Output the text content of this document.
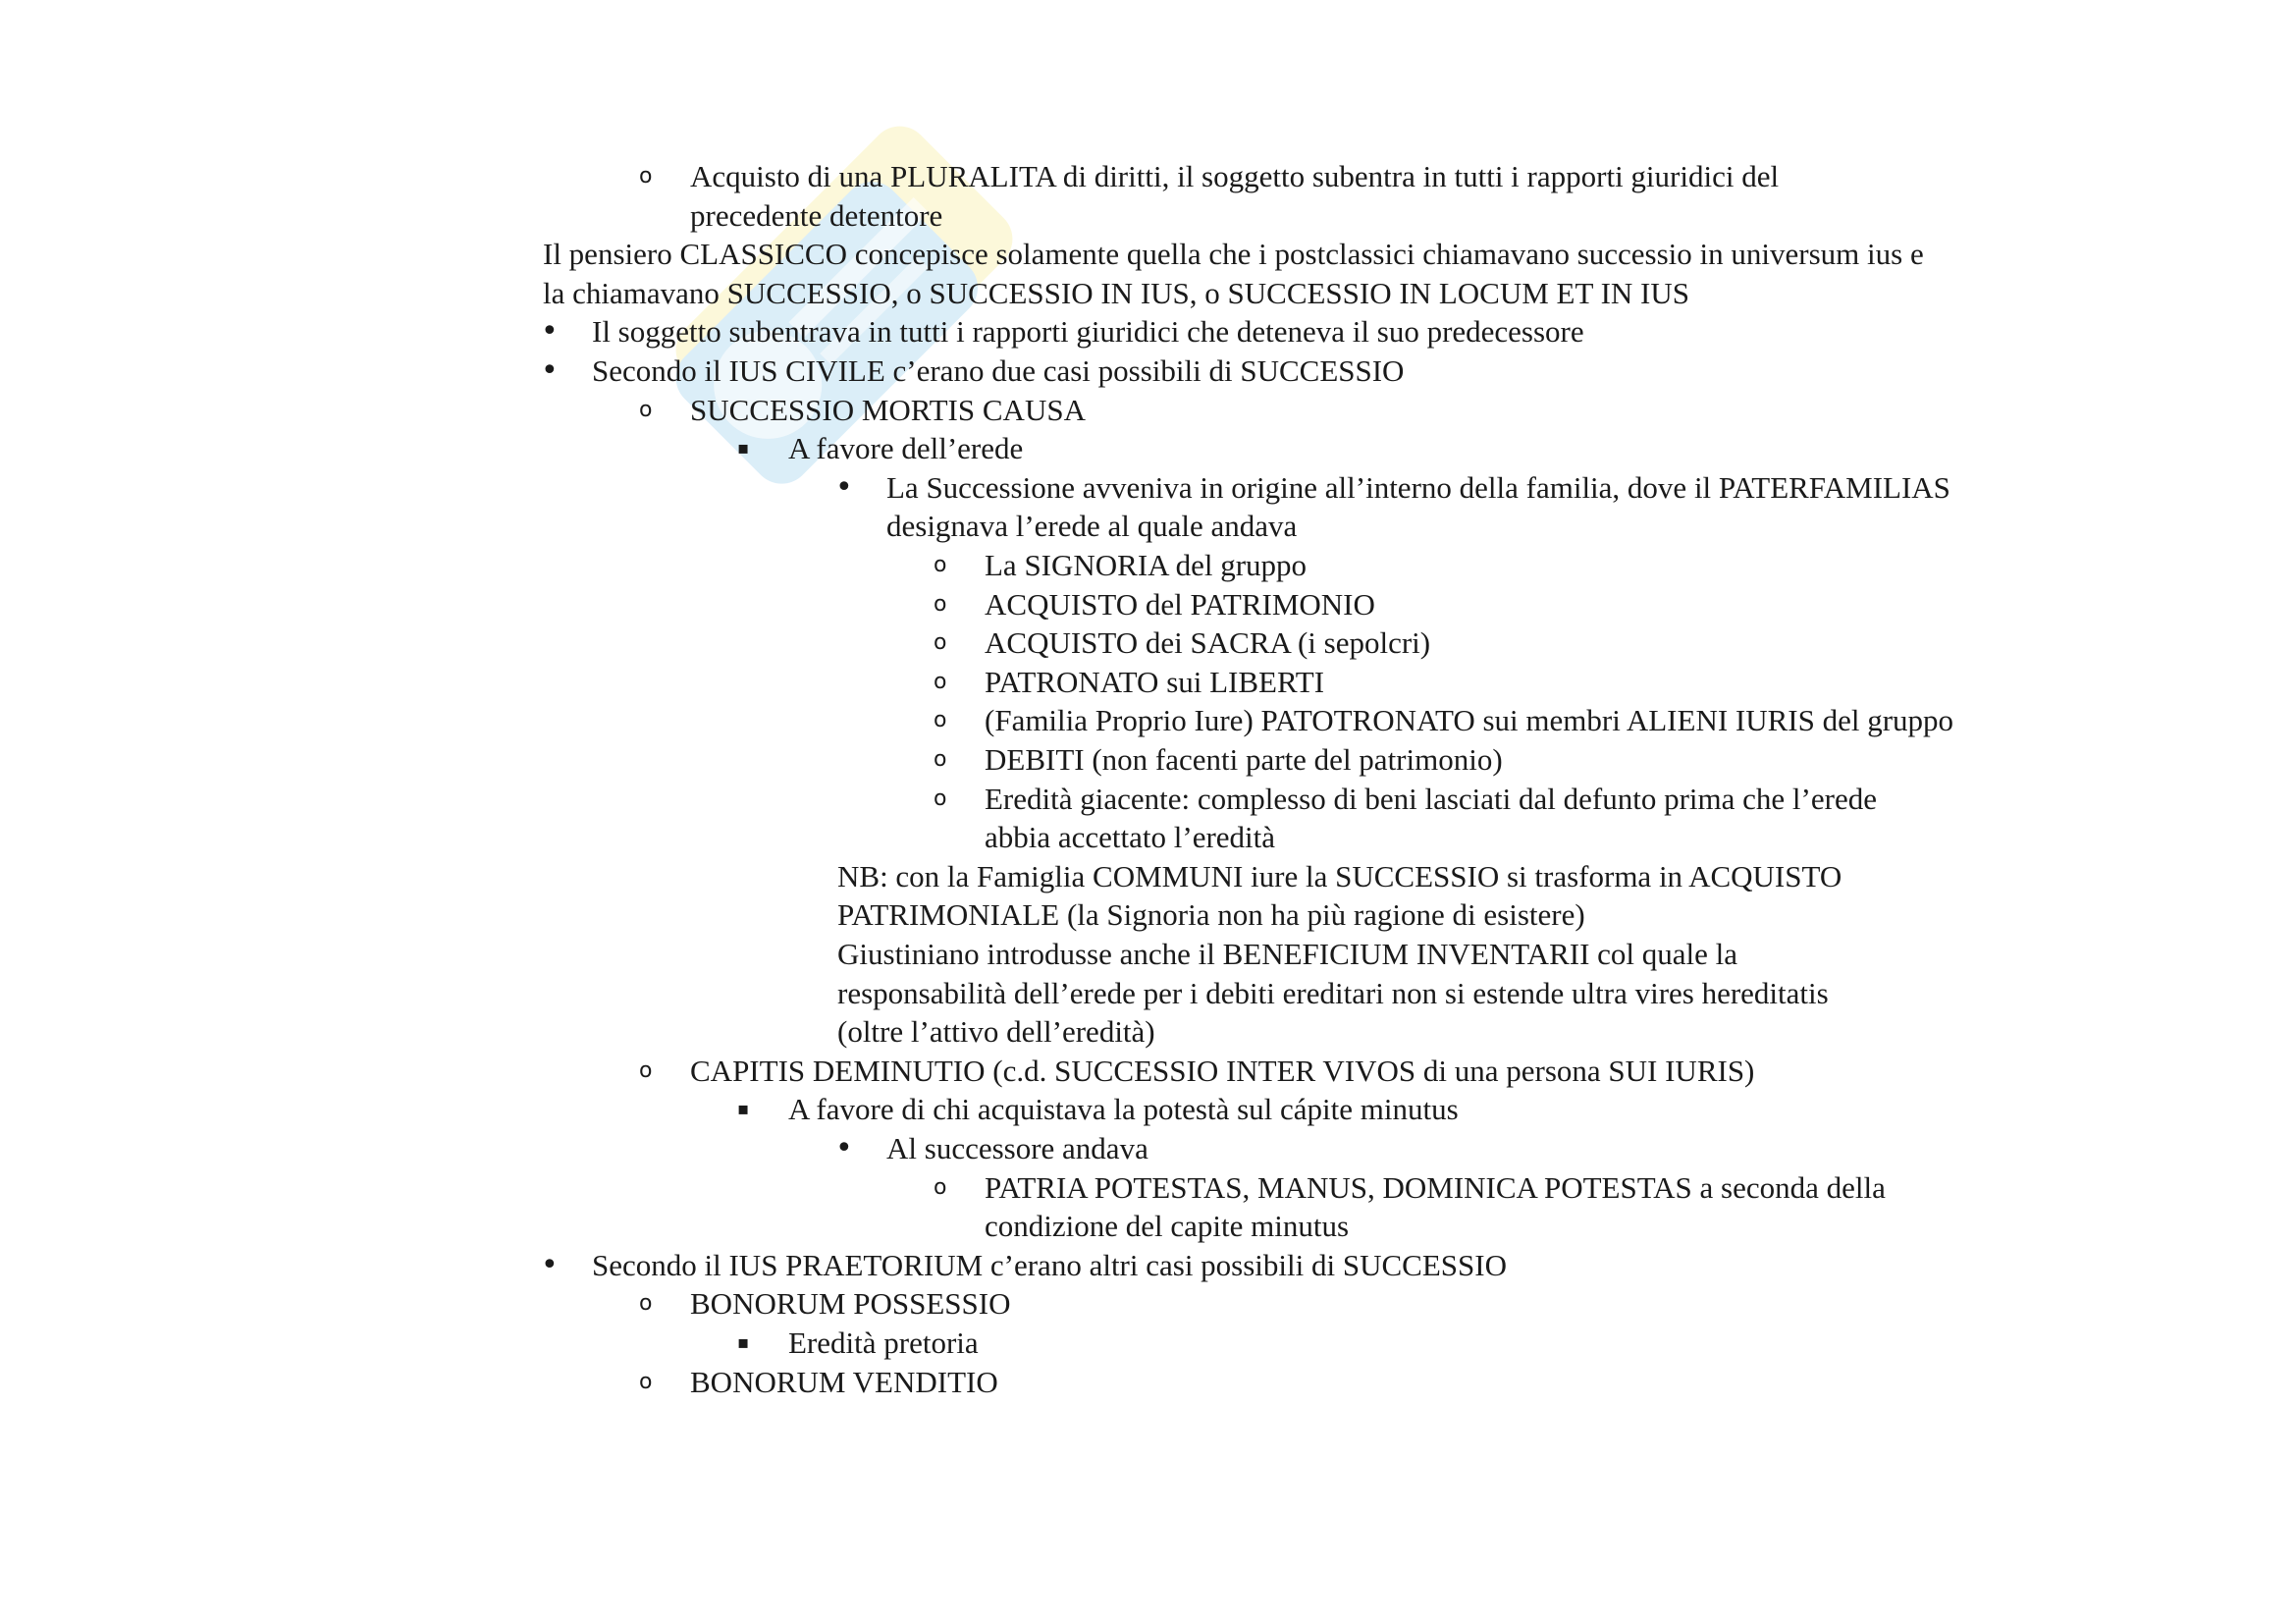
o Acquisto di una PLURALITA di diritti, il soggetto subentra in tutti i rapporti giuridici del
precedente detentore
Il pensiero CLASSICCO concepisce solamente quella che i postclassici chiamavano successio in universum ius e
la chiamavano SUCCESSIO, o SUCCESSIO IN IUS, o SUCCESSIO IN LOCUM ET IN IUS
• Il soggetto subentrava in tutti i rapporti giuridici che deteneva il suo predecessore
• Secondo il IUS CIVILE c’erano due casi possibili di SUCCESSIO
o SUCCESSIO MORTIS CAUSA
▪ A favore dell’erede
• La Successione avveniva in origine all’interno della familia, dove il PATERFAMILIAS
designava l’erede al quale andava
o La SIGNORIA del gruppo
o ACQUISTO del PATRIMONIO
o ACQUISTO dei SACRA (i sepolcri)
o PATRONATO sui LIBERTI
o (Familia Proprio Iure) PATOTRONATO sui membri ALIENI IURIS del gruppo
o DEBITI (non facenti parte del patrimonio)
o Eredità giacente: complesso di beni lasciati dal defunto prima che l’erede
abbia accettato l’eredità
NB: con la Famiglia COMMUNI iure la SUCCESSIO si trasforma in ACQUISTO
PATRIMONIALE (la Signoria non ha più ragione di esistere)
Giustiniano introdusse anche il BENEFICIUM INVENTARII col quale la
responsabilità dell’erede per i debiti ereditari non si estende ultra vires hereditatis
(oltre l’attivo dell’eredità)
o CAPITIS DEMINUTIO (c.d. SUCCESSIO INTER VIVOS di una persona SUI IURIS)
▪ A favore di chi acquistava la potestà sul cápite minutus
• Al successore andava
o PATRIA POTESTAS, MANUS, DOMINICA POTESTAS a seconda della
condizione del capite minutus
• Secondo il IUS PRAETORIUM c’erano altri casi possibili di SUCCESSIO
o BONORUM POSSESSIO
▪ Eredità pretoria
o BONORUM VENDITIO
